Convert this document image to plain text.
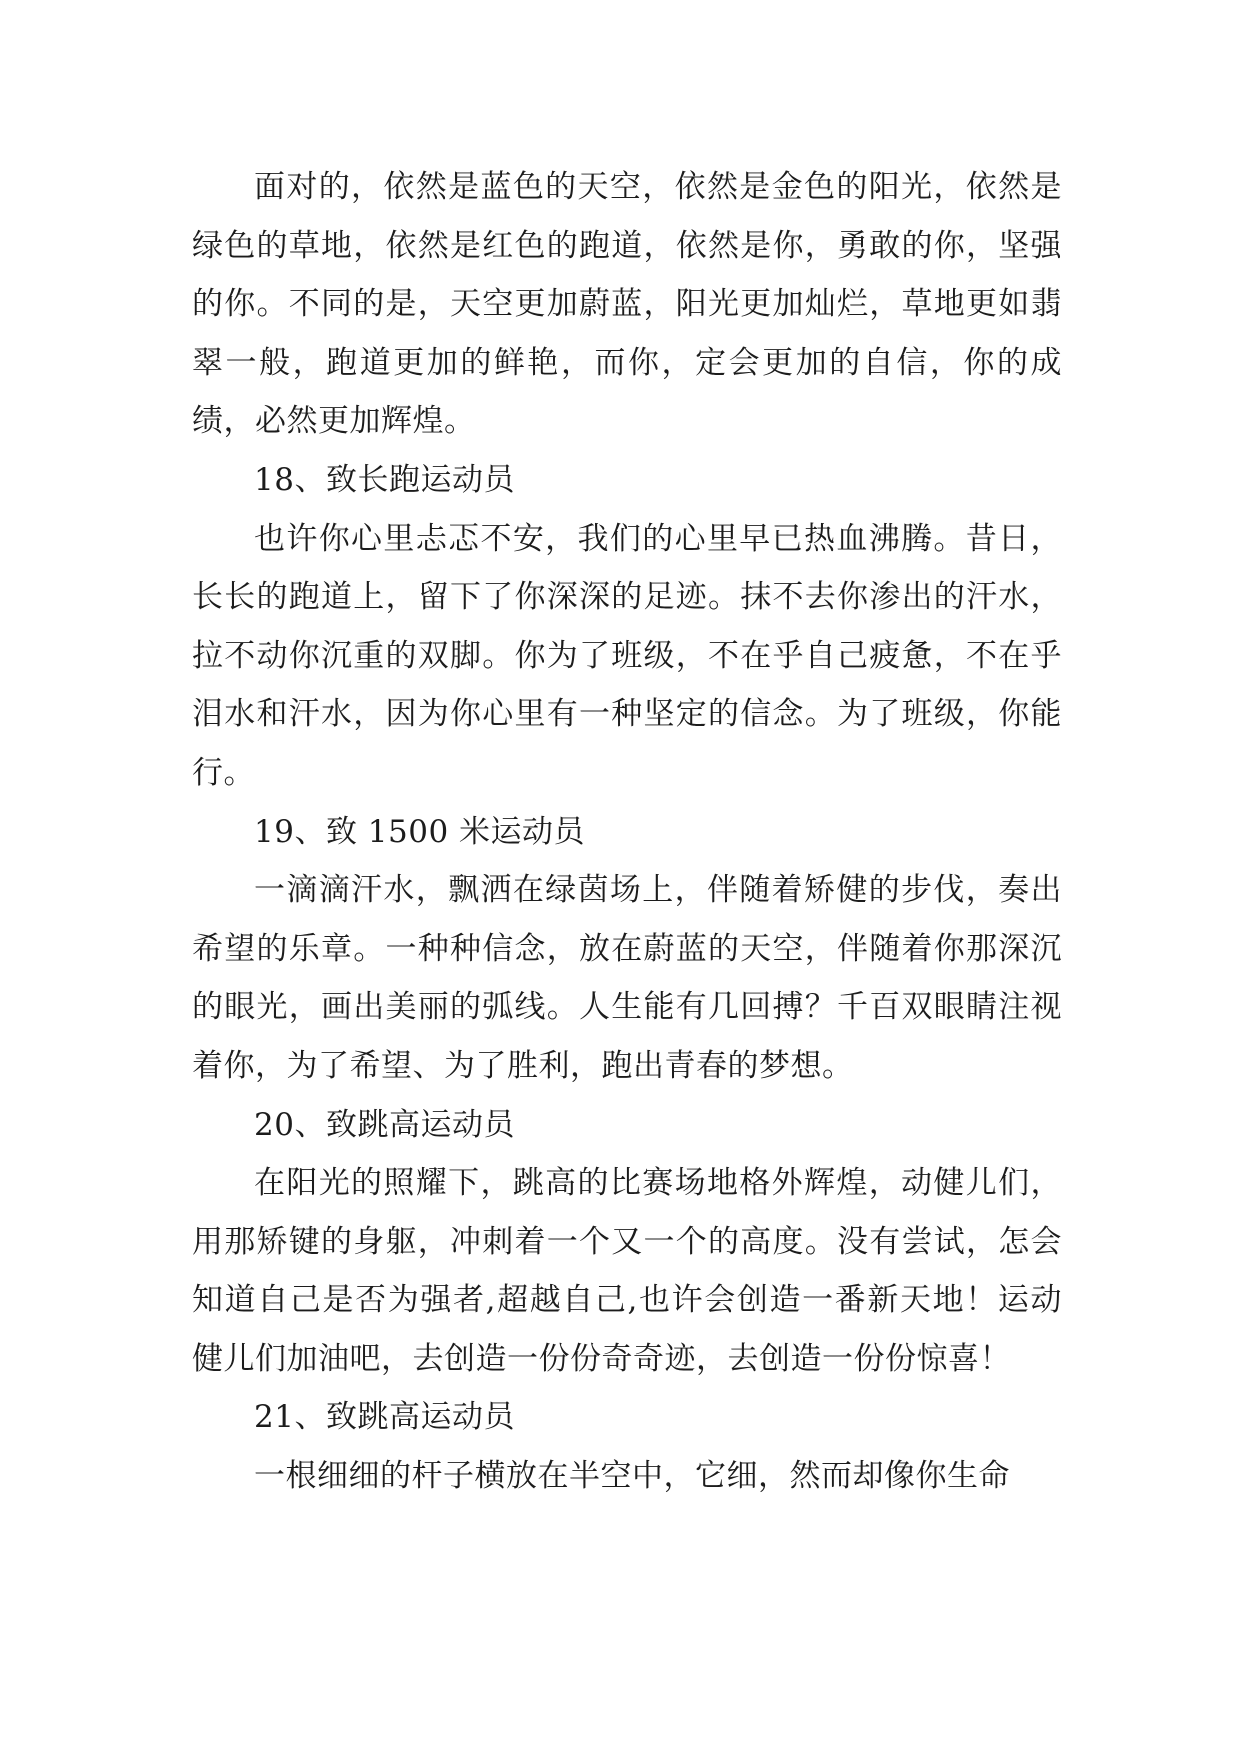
面对的，依然是蓝色的天空，依然是金色的阳光，依然是绿色的草地，依然是红色的跑道，依然是你，勇敢的你，坚强的你。不同的是，天空更加蔚蓝，阳光更加灿烂，草地更如翡翠一般，跑道更加的鲜艳，而你，定会更加的自信，你的成绩，必然更加辉煌。

18、致长跑运动员

也许你心里忐忑不安，我们的心里早已热血沸腾。昔日，长长的跑道上，留下了你深深的足迹。抹不去你渗出的汗水，拉不动你沉重的双脚。你为了班级，不在乎自己疲惫，不在乎泪水和汗水，因为你心里有一种坚定的信念。为了班级，你能行。

19、致 1500 米运动员

一滴滴汗水，飘洒在绿茵场上，伴随着矫健的步伐，奏出希望的乐章。一种种信念，放在蔚蓝的天空，伴随着你那深沉的眼光，画出美丽的弧线。人生能有几回搏？千百双眼睛注视着你，为了希望、为了胜利，跑出青春的梦想。

20、致跳高运动员

在阳光的照耀下，跳高的比赛场地格外辉煌，动健儿们，用那矫键的身躯，冲刺着一个又一个的高度。没有尝试，怎会知道自己是否为强者,超越自己,也许会创造一番新天地！运动健儿们加油吧，去创造一份份奇奇迹，去创造一份份惊喜！

21、致跳高运动员

一根细细的杆子横放在半空中，它细，然而却像你生命
